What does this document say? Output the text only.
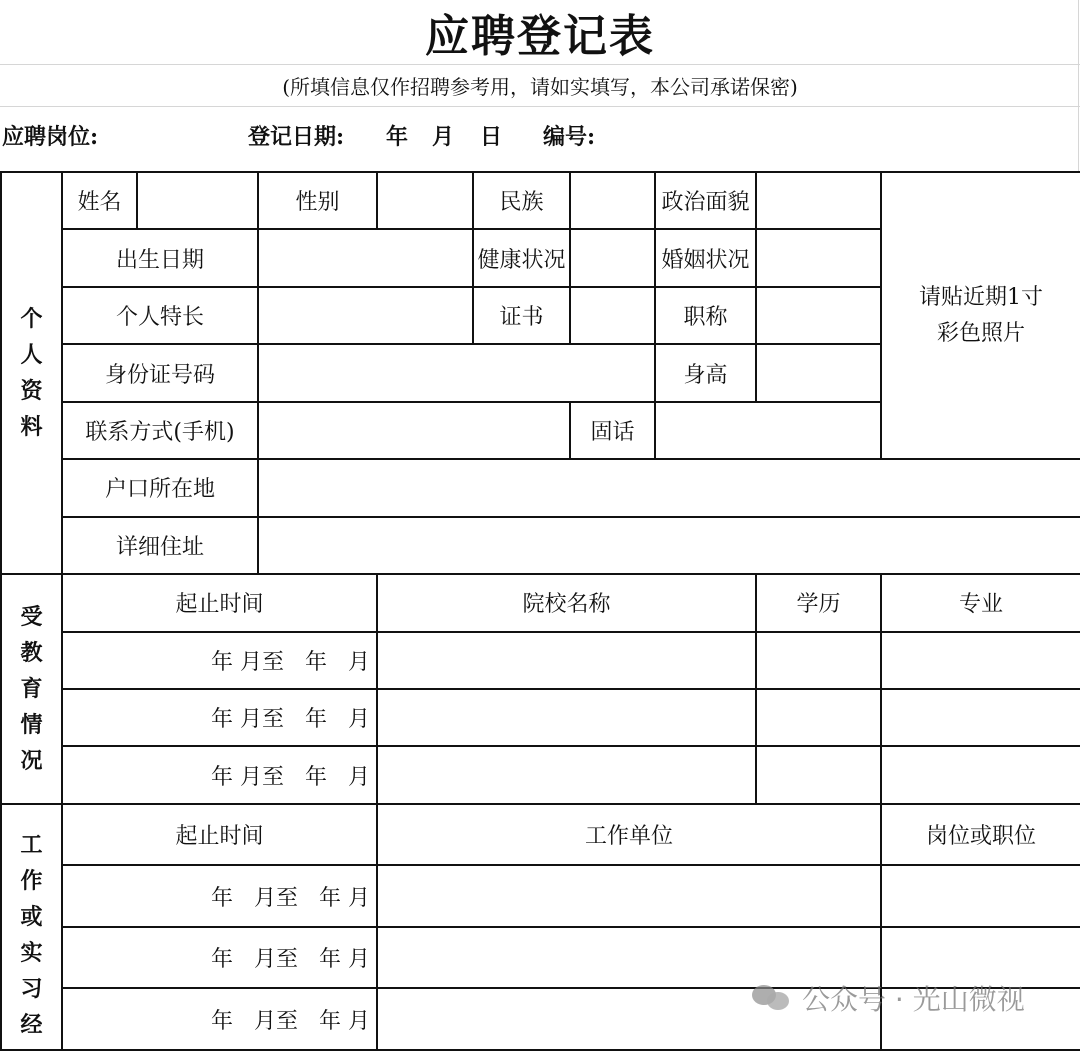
应聘登记表
(所填信息仅作招聘参考用，请如实填写，本公司承诺保密)
应聘岗位:	登记日期: 年 月 日 编号:
个人资料	姓名		性别		民族		政治面貌		请贴近期1寸
彩色照片

	出生日期				健康状况		婚姻状况		
	个人特长				证书		职称		
	身份证号码						身高		
	联系方式(手机)					固话			
	户口所在地								
	详细住址								

受教育情况	起止时间			院校名称				学历	专业
	年 月至 年 月								
	年 月至 年 月								
	年 月至 年 月								

工作或实习经	起止时间			工作单位					岗位或职位
	年 月至 年 月								
	年 月至 年 月								
	年 月至 年 月								
公众号 · 光山微视
